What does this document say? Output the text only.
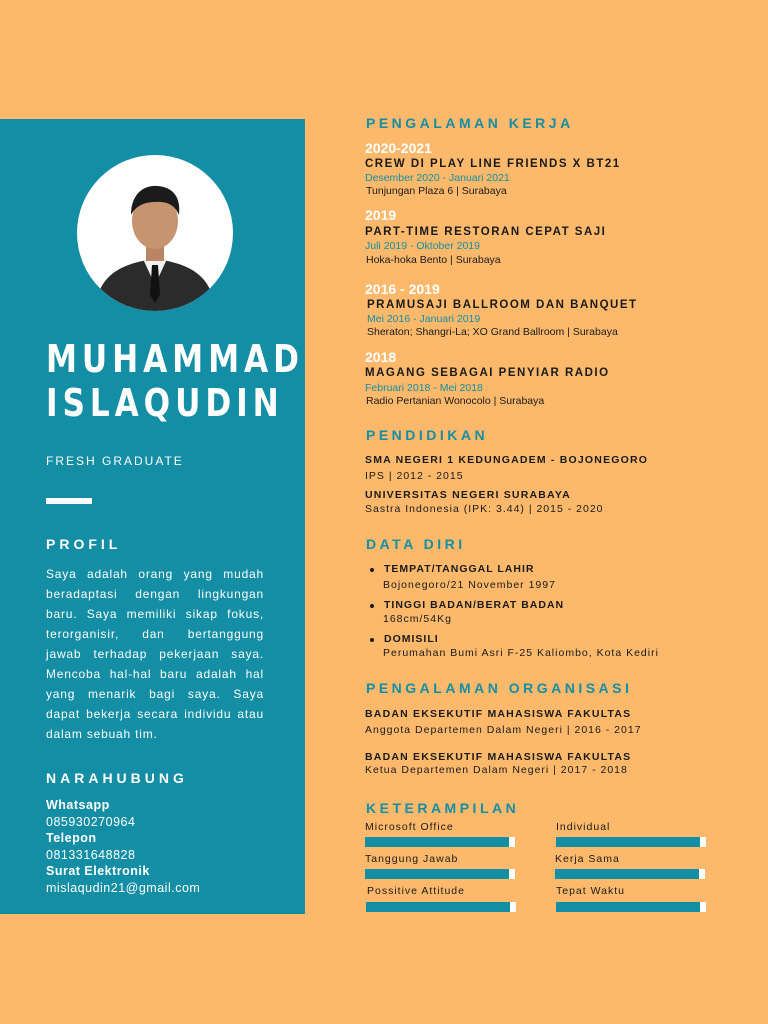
MUHAMMAD
ISLAQUDIN
FRESH GRADUATE
PROFIL

Saya adalah orang yang mudah beradaptasi dengan lingkungan baru. Saya memiliki sikap fokus, terorganisir, dan bertanggung jawab terhadap pekerjaan saya. Mencoba hal-hal baru adalah hal yang menarik bagi saya. Saya dapat bekerja secara individu atau dalam sebuah tim.

NARAHUBUNG
Whatsapp
085930270964
Telepon
081331648828
Surat Elektronik
mislaqudin21@gmail.com
PENGALAMAN KERJA
2020-2021
CREW DI PLAY LINE FRIENDS X BT21
Desember 2020 - Januari 2021
Tunjungan Plaza 6 | Surabaya
2019
PART-TIME RESTORAN CEPAT SAJI
Juli 2019 - Oktober 2019
Hoka-hoka Bento | Surabaya
2016 - 2019
PRAMUSAJI BALLROOM DAN BANQUET
Mei 2016 - Januari 2019
Sheraton; Shangri-La; XO Grand Ballroom | Surabaya
2018
MAGANG SEBAGAI PENYIAR RADIO
Februari 2018 - Mei 2018
Radio Pertanian Wonocolo | Surabaya
PENDIDIKAN
SMA NEGERI 1 KEDUNGADEM - BOJONEGORO
IPS | 2012 - 2015
UNIVERSITAS NEGERI SURABAYA
Sastra Indonesia (IPK: 3.44) | 2015 - 2020
DATA DIRI
TEMPAT/TANGGAL LAHIR
Bojonegoro/21 November 1997
TINGGI BADAN/BERAT BADAN
168cm/54Kg
DOMISILI
Perumahan Bumi Asri F-25 Kaliombo, Kota Kediri
PENGALAMAN ORGANISASI
BADAN EKSEKUTIF MAHASISWA FAKULTAS
Anggota Departemen Dalam Negeri | 2016 - 2017
BADAN EKSEKUTIF MAHASISWA FAKULTAS
Ketua Departemen Dalam Negeri | 2017 - 2018
KETERAMPILAN
Microsoft Office	Individual
Tanggung Jawab	Kerja Sama
Possitive Attitude	Tepat Waktu
